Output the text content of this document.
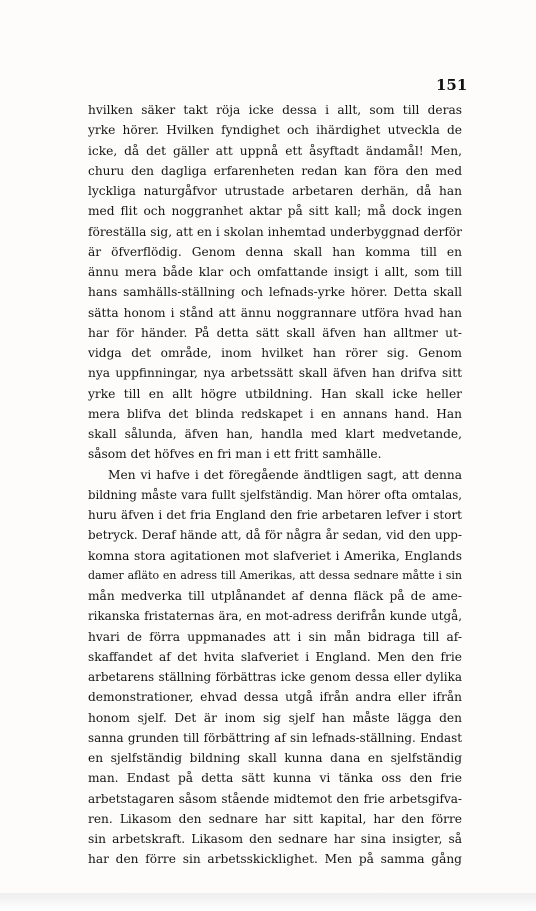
151
hvilken säker takt röja icke dessa i allt, som till deras
yrke hörer. Hvilken fyndighet och ihärdighet utveckla de
icke, då det gäller att uppnå ett åsyftadt ändamål! Men,
churu den dagliga erfarenheten redan kan föra den med
lyckliga naturgåfvor utrustade arbetaren derhän, då han
med flit och noggranhet aktar på sitt kall; må dock ingen
föreställa sig, att en i skolan inhemtad underbyggnad derför
är öfverflödig. Genom denna skall han komma till en
ännu mera både klar och omfattande insigt i allt, som till
hans samhälls-ställning och lefnads-yrke hörer. Detta skall
sätta honom i stånd att ännu noggrannare utföra hvad han
har för händer. På detta sätt skall äfven han alltmer ut-
vidga det område, inom hvilket han rörer sig. Genom
nya uppfinningar, nya arbetssätt skall äfven han drifva sitt
yrke till en allt högre utbildning. Han skall icke heller
mera blifva det blinda redskapet i en annans hand. Han
skall sålunda, äfven han, handla med klart medvetande,
såsom det höfves en fri man i ett fritt samhälle.
Men vi hafve i det föregående ändtligen sagt, att denna
bildning måste vara fullt sjelfständig. Man hörer ofta omtalas,
huru äfven i det fria England den frie arbetaren lefver i stort
betryck. Deraf hände att, då för några år sedan, vid den upp-
komna stora agitationen mot slafveriet i Amerika, Englands
damer afläto en adress till Amerikas, att dessa sednare måtte i sin
mån medverka till utplånandet af denna fläck på de ame-
rikanska fristaternas ära, en mot-adress derifrån kunde utgå,
hvari de förra uppmanades att i sin mån bidraga till af-
skaffandet af det hvita slafveriet i England. Men den frie
arbetarens ställning förbättras icke genom dessa eller dylika
demonstrationer, ehvad dessa utgå ifrån andra eller ifrån
honom sjelf. Det är inom sig sjelf han måste lägga den
sanna grunden till förbättring af sin lefnads-ställning. Endast
en sjelfständig bildning skall kunna dana en sjelfständig
man. Endast på detta sätt kunna vi tänka oss den frie
arbetstagaren såsom stående midtemot den frie arbetsgifva-
ren. Likasom den sednare har sitt kapital, har den förre
sin arbetskraft. Likasom den sednare har sina insigter, så
har den förre sin arbetsskicklighet. Men på samma gång
